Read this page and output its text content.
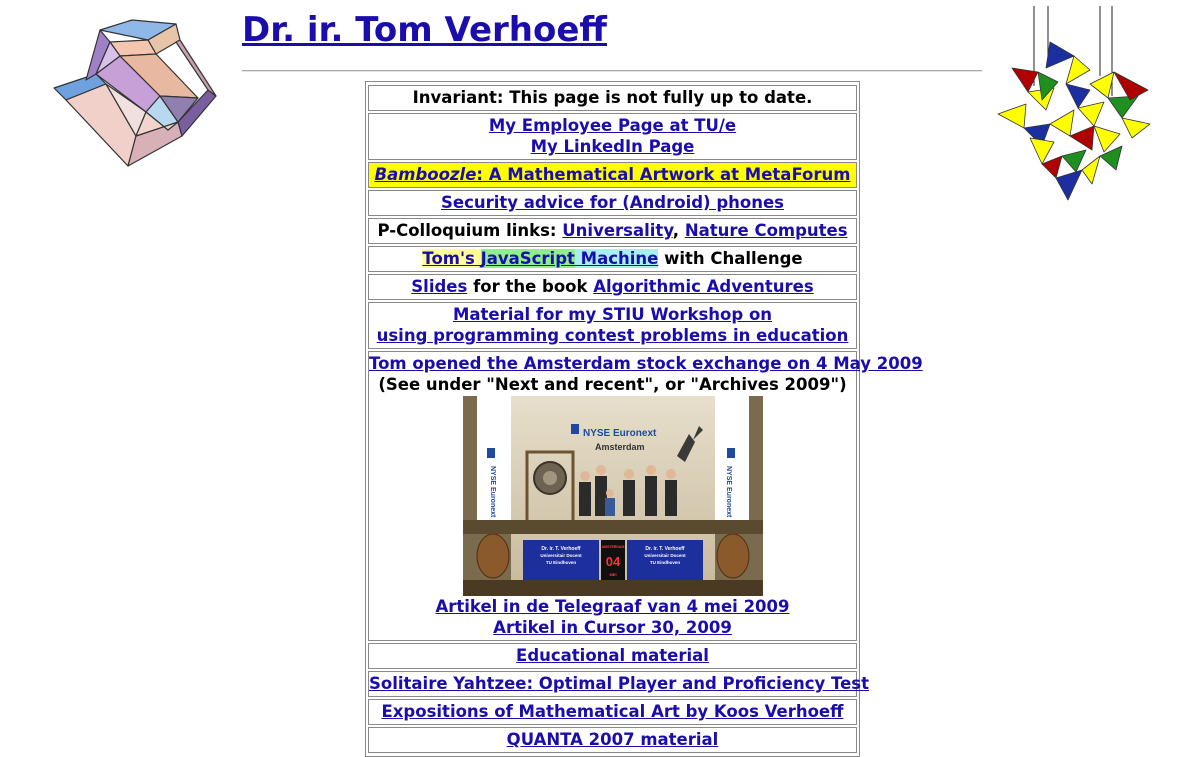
Dr. ir. Tom Verhoeff
Invariant: This page is not fully up to date.
My Employee Page at TU/e
My LinkedIn Page
Bamboozle: A Mathematical Artwork at MetaForum
Security advice for (Android) phones
P-Colloquium links: Universality, Nature Computes
Tom's JavaScript Machine with Challenge
Slides for the book Algorithmic Adventures
Material for my STIU Workshop on
using programming contest problems in education
Tom opened the Amsterdam stock exchange on 4 May 2009
(See under "Next and recent", or "Archives 2009")
NYSE Euronext	NYSE Euronext
NYSE Euronext
Amsterdam
Dr. ir. T. Verhoeff
Universitair Docent
TU Eindhoven
Dr. ir. T. Verhoeff
Universitair Docent
TU Eindhoven
AMSTERDAM
04
MEI
Artikel in de Telegraaf van 4 mei 2009
Artikel in Cursor 30, 2009
Educational material
Solitaire Yahtzee: Optimal Player and Proficiency Test
Expositions of Mathematical Art by Koos Verhoeff
QUANTA 2007 material
